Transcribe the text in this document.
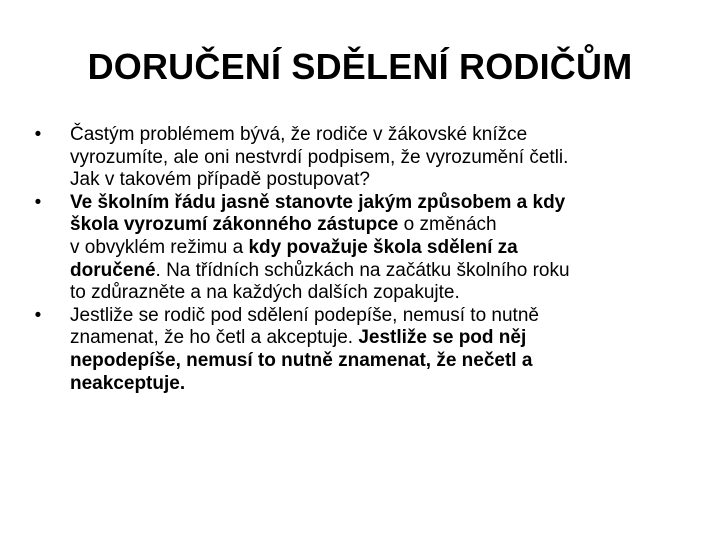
DORUČENÍ SDĚLENÍ RODIČŮM
•	Častým problémem bývá, že rodiče v žákovské knížce
vyrozumíte, ale oni nestvrdí podpisem, že vyrozumění četli.
Jak v takovém případě postupovat?
•	Ve školním řádu jasně stanovte jakým způsobem a kdy
škola vyrozumí zákonného zástupce o změnách
v obvyklém režimu a kdy považuje škola sdělení za
doručené. Na třídních schůzkách na začátku školního roku
to zdůrazněte a na každých dalších zopakujte.
•	Jestliže se rodič pod sdělení podepíše, nemusí to nutně
znamenat, že ho četl a akceptuje. Jestliže se pod něj
nepodepíše, nemusí to nutně znamenat, že nečetl a
neakceptuje.
